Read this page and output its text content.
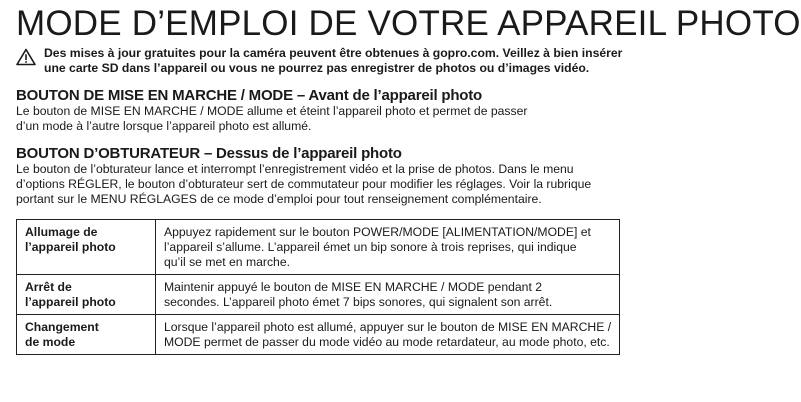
MODE D’EMPLOI DE VOTRE APPAREIL PHOTO
Des mises à jour gratuites pour la caméra peuvent être obtenues à gopro.com. Veillez à bien insérer
une carte SD dans l’appareil ou vous ne pourrez pas enregistrer de photos ou d’images vidéo.
BOUTON DE MISE EN MARCHE / MODE – Avant de l’appareil photo

Le bouton de MISE EN MARCHE / MODE allume et éteint l’appareil photo et permet de passer
d’un mode à l’autre lorsque l’appareil photo est allumé.

BOUTON D’OBTURATEUR – Dessus de l’appareil photo

Le bouton de l’obturateur lance et interrompt l’enregistrement vidéo et la prise de photos. Dans le menu
d’options RÉGLER, le bouton d’obturateur sert de commutateur pour modifier les réglages. Voir la rubrique
portant sur le MENU RÉGLAGES de ce mode d’emploi pour tout renseignement complémentaire.

Allumage de
l’appareil photo	Appuyez rapidement sur le bouton POWER/MODE [ALIMENTATION/MODE] et
l’appareil s’allume. L’appareil émet un bip sonore à trois reprises, qui indique
qu’il se met en marche.

Arrêt de
l’appareil photo	Maintenir appuyé le bouton de MISE EN MARCHE / MODE pendant 2
secondes. L’appareil photo émet 7 bips sonores, qui signalent son arrêt.

Changement
de mode	Lorsque l’appareil photo est allumé, appuyer sur le bouton de MISE EN MARCHE /
MODE permet de passer du mode vidéo au mode retardateur, au mode photo, etc.
